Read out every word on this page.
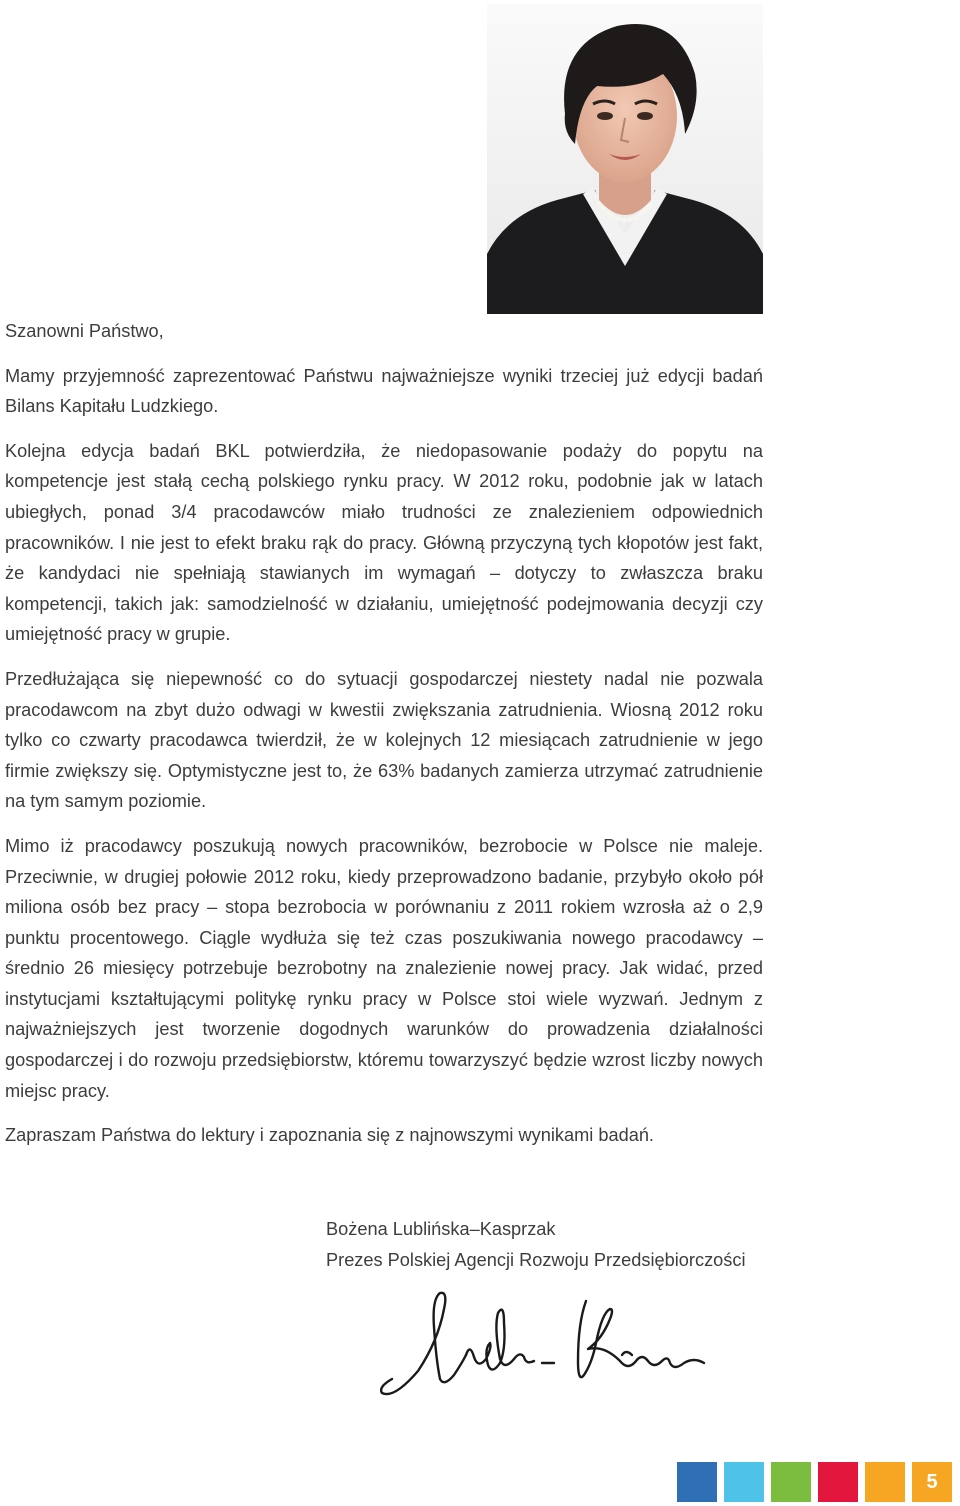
Szanowni Państwo,

Mamy przyjemność zaprezentować Państwu najważniejsze wyniki trzeciej już edycji badań Bilans Kapitału Ludzkiego.

Kolejna edycja badań BKL potwierdziła, że niedopasowanie podaży do popytu na kompetencje jest stałą cechą polskiego rynku pracy. W 2012 roku, podobnie jak w latach ubiegłych, ponad 3/4 pracodawców miało trudności ze znalezieniem odpowiednich pracowników. I nie jest to efekt braku rąk do pracy. Główną przyczyną tych kłopotów jest fakt, że kandydaci nie spełniają stawianych im wymagań – dotyczy to zwłaszcza braku kompetencji, takich jak: samodzielność w działaniu, umiejętność podejmowania decyzji czy umiejętność pracy w grupie.

Przedłużająca się niepewność co do sytuacji gospodarczej niestety nadal nie pozwala pracodawcom na zbyt dużo odwagi w kwestii zwiększania zatrudnienia. Wiosną 2012 roku tylko co czwarty pracodawca twierdził, że w kolejnych 12 miesiącach zatrudnienie w jego firmie zwiększy się. Optymistyczne jest to, że 63% badanych zamierza utrzymać zatrudnienie na tym samym poziomie.

Mimo iż pracodawcy poszukują nowych pracowników, bezrobocie w Polsce nie maleje. Przeciwnie, w drugiej połowie 2012 roku, kiedy przeprowadzono badanie, przybyło około pół miliona osób bez pracy – stopa bezrobocia w porównaniu z 2011 rokiem wzrosła aż o 2,9 punktu procentowego. Ciągle wydłuża się też czas poszukiwania nowego pracodawcy – średnio 26 miesięcy potrzebuje bezrobotny na znalezienie nowej pracy. Jak widać, przed instytucjami kształtującymi politykę rynku pracy w Polsce stoi wiele wyzwań. Jednym z najważniejszych jest tworzenie dogodnych warunków do prowadzenia działalności gospodarczej i do rozwoju przedsiębiorstw, któremu towarzyszyć będzie wzrost liczby nowych miejsc pracy.

Zapraszam Państwa do lektury i zapoznania się z najnowszymi wynikami badań.

Bożena Lublińska–Kasprzak
Prezes Polskiej Agencji Rozwoju Przedsiębiorczości
5
